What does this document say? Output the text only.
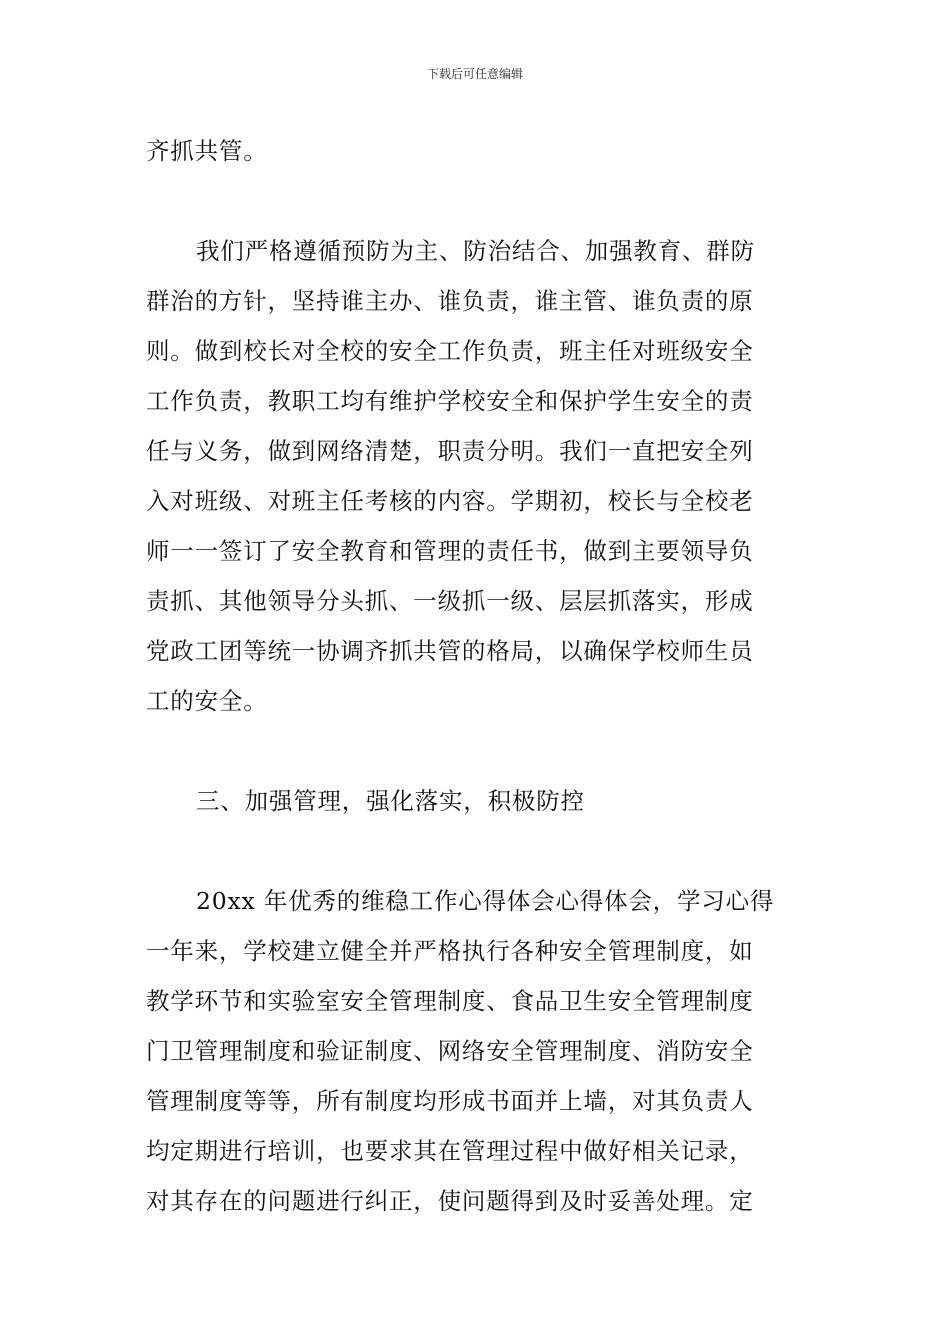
下载后可任意编辑
齐抓共管。
我们严格遵循预防为主、防治结合、加强教育、群防
群治的方针，坚持谁主办、谁负责，谁主管、谁负责的原
则。做到校长对全校的安全工作负责，班主任对班级安全
工作负责，教职工均有维护学校安全和保护学生安全的责
任与义务，做到网络清楚，职责分明。我们一直把安全列
入对班级、对班主任考核的内容。学期初，校长与全校老
师一一签订了安全教育和管理的责任书，做到主要领导负
责抓、其他领导分头抓、一级抓一级、层层抓落实，形成
党政工团等统一协调齐抓共管的格局，以确保学校师生员
工的安全。
三、加强管理，强化落实，积极防控
20xx 年优秀的维稳工作心得体会心得体会，学习心得
一年来，学校建立健全并严格执行各种安全管理制度，如
教学环节和实验室安全管理制度、食品卫生安全管理制度
门卫管理制度和验证制度、网络安全管理制度、消防安全
管理制度等等，所有制度均形成书面并上墙，对其负责人
均定期进行培训，也要求其在管理过程中做好相关记录，
对其存在的问题进行纠正，使问题得到及时妥善处理。定
